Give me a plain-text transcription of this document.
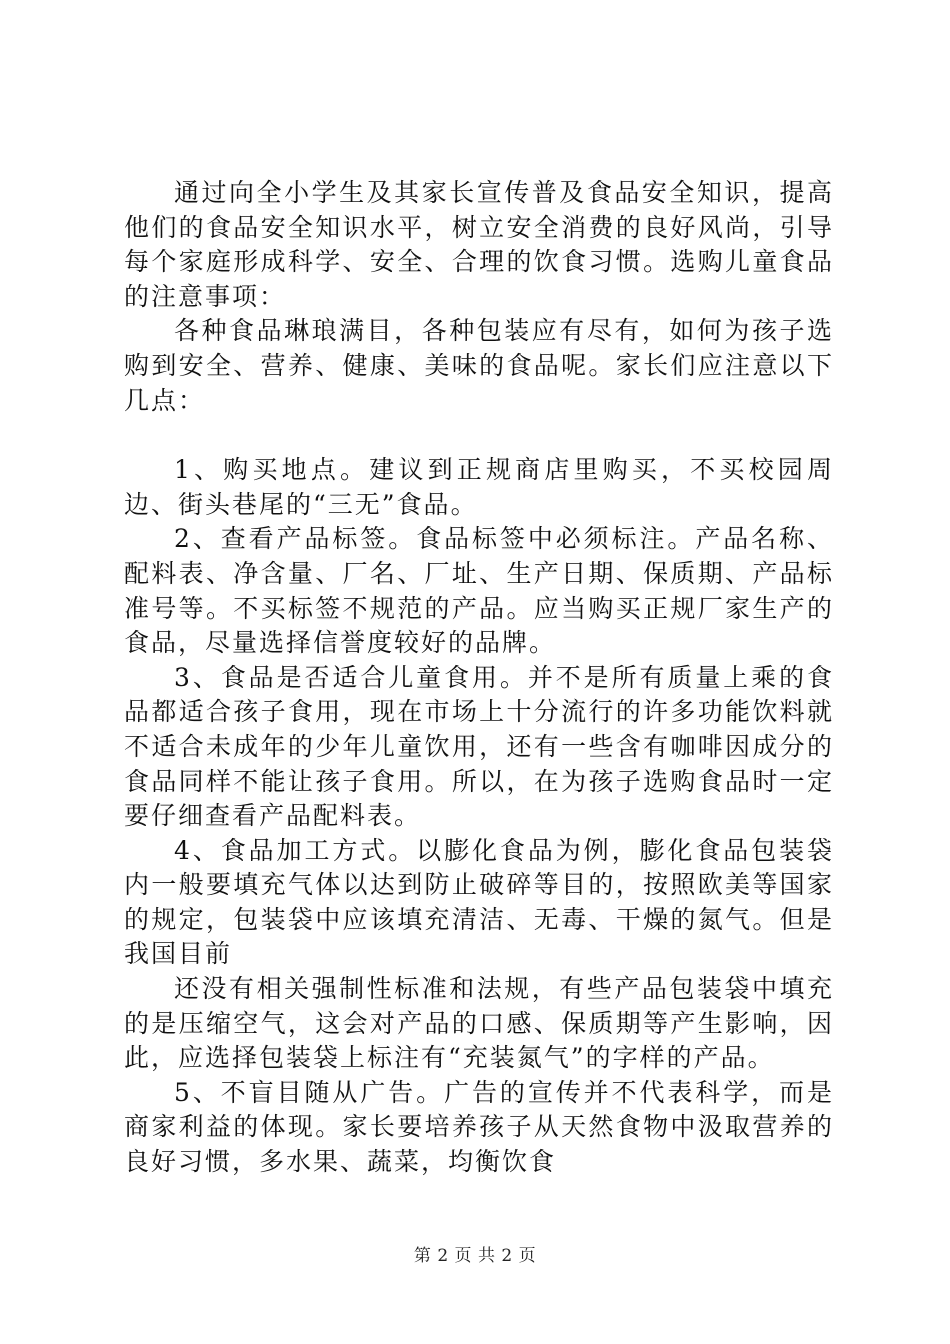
通过向全小学生及其家长宣传普及食品安全知识，提高他们的食品安全知识水平，树立安全消费的良好风尚，引导每个家庭形成科学、安全、合理的饮食习惯。选购儿童食品的注意事项：

各种食品琳琅满目，各种包装应有尽有，如何为孩子选购到安全、营养、健康、美味的食品呢。家长们应注意以下几点：

1、购买地点。建议到正规商店里购买，不买校园周边、街头巷尾的“三无”食品。

2、查看产品标签。食品标签中必须标注。产品名称、配料表、净含量、厂名、厂址、生产日期、保质期、产品标准号等。不买标签不规范的产品。应当购买正规厂家生产的食品，尽量选择信誉度较好的品牌。

3、食品是否适合儿童食用。并不是所有质量上乘的食品都适合孩子食用，现在市场上十分流行的许多功能饮料就不适合未成年的少年儿童饮用，还有一些含有咖啡因成分的食品同样不能让孩子食用。所以，在为孩子选购食品时一定要仔细查看产品配料表。

4、食品加工方式。以膨化食品为例，膨化食品包装袋内一般要填充气体以达到防止破碎等目的，按照欧美等国家的规定，包装袋中应该填充清洁、无毒、干燥的氮气。但是我国目前

还没有相关强制性标准和法规，有些产品包装袋中填充的是压缩空气，这会对产品的口感、保质期等产生影响，因此，应选择包装袋上标注有“充装氮气”的字样的产品。

5、不盲目随从广告。广告的宣传并不代表科学，而是商家利益的体现。家长要培养孩子从天然食物中汲取营养的良好习惯，多水果、蔬菜，均衡饮食

第 2 页 共 2 页
